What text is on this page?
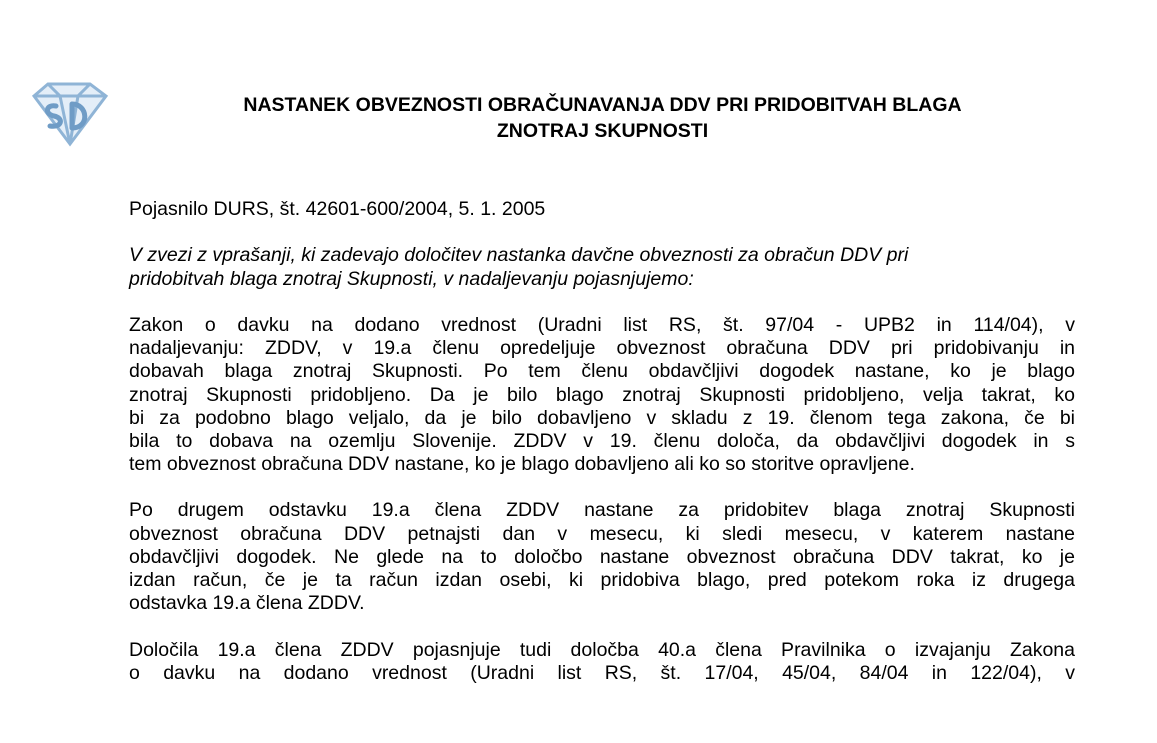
NASTANEK OBVEZNOSTI OBRAČUNAVANJA DDV PRI PRIDOBITVAH BLAGA
ZNOTRAJ SKUPNOSTI
Pojasnilo DURS, št. 42601-600/2004, 5. 1. 2005
V zvezi z vprašanji, ki zadevajo določitev nastanka davčne obveznosti za obračun DDV pri
pridobitvah blaga znotraj Skupnosti, v nadaljevanju pojasnjujemo:
Zakon o davku na dodano vrednost (Uradni list RS, št. 97/04 - UPB2 in 114/04), v
nadaljevanju: ZDDV, v 19.a členu opredeljuje obveznost obračuna DDV pri pridobivanju in
dobavah blaga znotraj Skupnosti. Po tem členu obdavčljivi dogodek nastane, ko je blago
znotraj Skupnosti pridobljeno. Da je bilo blago znotraj Skupnosti pridobljeno, velja takrat, ko
bi za podobno blago veljalo, da je bilo dobavljeno v skladu z 19. členom tega zakona, če bi
bila to dobava na ozemlju Slovenije. ZDDV v 19. členu določa, da obdavčljivi dogodek in s
tem obveznost obračuna DDV nastane, ko je blago dobavljeno ali ko so storitve opravljene.
Po drugem odstavku 19.a člena ZDDV nastane za pridobitev blaga znotraj Skupnosti
obveznost obračuna DDV petnajsti dan v mesecu, ki sledi mesecu, v katerem nastane
obdavčljivi dogodek. Ne glede na to določbo nastane obveznost obračuna DDV takrat, ko je
izdan račun, če je ta račun izdan osebi, ki pridobiva blago, pred potekom roka iz drugega
odstavka 19.a člena ZDDV.
Določila 19.a člena ZDDV pojasnjuje tudi določba 40.a člena Pravilnika o izvajanju Zakona
o davku na dodano vrednost (Uradni list RS, št. 17/04, 45/04, 84/04 in 122/04), v
